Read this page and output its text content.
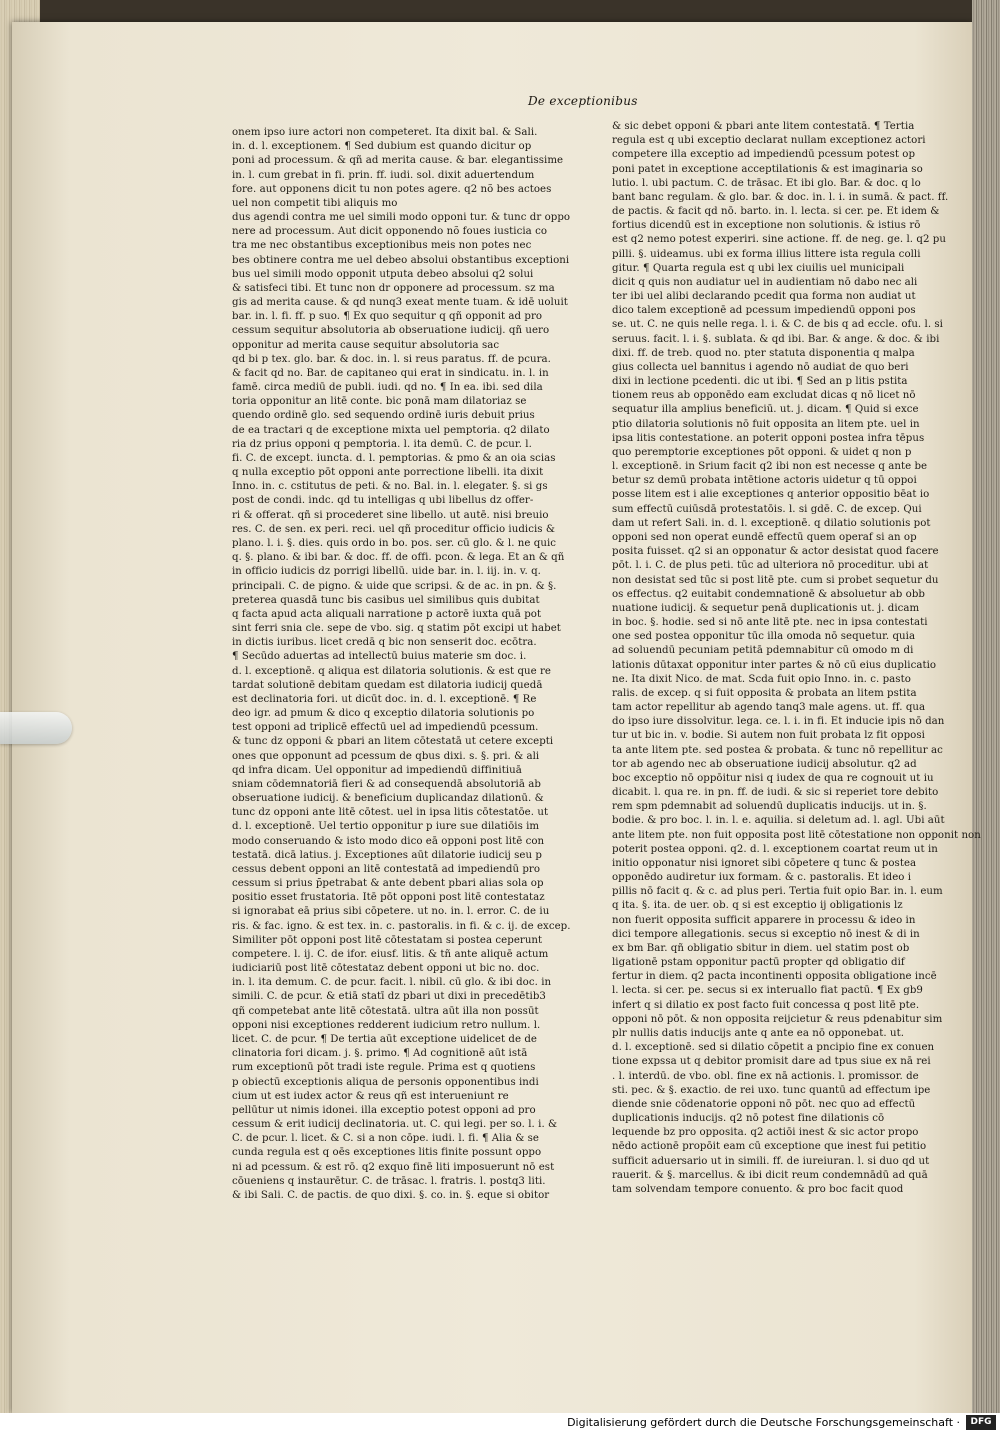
De exceptionibus
onem ipso iure actori non competeret. Ita dixit bal. & Sali.
in. d. l. exceptionem. ¶ Sed dubium est quando dicitur op
poni ad processum. & qñ ad merita cause. & bar. elegantissime
in. l. cum grebat in fi. prin. ff. iudi. sol. dixit aduertendum
fore. aut opponens dicit tu non potes agere. q2 nõ bes actoes
uel non competit tibi aliquis mo
dus agendi contra me uel simili modo opponi tur. & tunc dr oppo
nere ad processum. Aut dicit opponendo nõ foues iusticia co
tra me nec obstantibus exceptionibus meis non potes nec
bes obtinere contra me uel debeo absolui obstantibus exceptioni
bus uel simili modo opponit utputa debeo absolui q2 solui
& satisfeci tibi. Et tunc non dr opponere ad processum. sz ma
gis ad merita cause. & qd nunq3 exeat mente tuam. & idē uoluit
bar. in. l. fi. ff. p suo. ¶ Ex quo sequitur q qñ opponit ad pro
cessum sequitur absolutoria ab obseruatione iudicij. qñ uero
opponitur ad merita cause sequitur absolutoria sac
qd bi p tex. glo. bar. & doc. in. l. si reus paratus. ff. de pcura.
& facit qd no. Bar. de capitaneo qui erat in sindicatu. in. l. in
famē. circa mediū de publi. iudi. qd no. ¶ In ea. ibi. sed dila
toria opponitur an litē conte. bic ponā mam dilatoriaz se
quendo ordinē glo. sed sequendo ordinē iuris debuit prius
de ea tractari q de exceptione mixta uel pemptoria. q2 dilato
ria dz prius opponi q pemptoria. l. ita demū. C. de pcur. l.
fi. C. de except. iuncta. d. l. pemptorias. & pmo & an oia scias
q nulla exceptio pōt opponi ante porrectione libelli. ita dixit
Inno. in. c. cstitutus de peti. & no. Bal. in. l. elegater. §. si gs
post de condi. indc. qd tu intelligas q ubi libellus dz offer-
ri & offerat. qñ si procederet sine libello. ut autē. nisi breuio
res. C. de sen. ex peri. reci. uel qñ proceditur officio iudicis &
plano. l. i. §. dies. quis ordo in bo. pos. ser. cū glo. & l. ne quic
q. §. plano. & ibi bar. & doc. ff. de offi. pcon. & lega. Et an & qñ
in officio iudicis dz porrigi libellū. uide bar. in. l. iij. in. v. q.
principali. C. de pigno. & uide que scripsi. & de ac. in pn. & §.
preterea quasdā tunc bis casibus uel similibus quis dubitat
q facta apud acta aliquali narratione p actorē iuxta quā pot
sint ferri snia cle. sepe de vbo. sig. q statim pōt excipi ut habet
in dictis iuribus. licet credā q bic non senserit doc. ecōtra.
¶ Secūdo aduertas ad intellectū buius materie sm doc. i.
d. l. exceptionē. q aliqua est dilatoria solutionis. & est que re
tardat solutionē debitam quedam est dilatoria iudicij quedā
est declinatoria fori. ut dicūt doc. in. d. l. exceptionē. ¶ Re
deo igr. ad pmum & dico q exceptio dilatoria solutionis po
test opponi ad triplicē effectū uel ad impediendū pcessum.
& tunc dz opponi & pbari an litem cōtestatā ut cetere excepti
ones que opponunt ad pcessum de qbus dixi. s. §. pri. & ali
qd infra dicam. Uel opponitur ad impediendū diffinitiuā
sniam cōdemnatoriā fieri & ad consequendā absolutoriā ab
obseruatione iudicij. & beneficium duplicandaz dilationū. &
tunc dz opponi ante litē cōtest. uel in ipsa litis cōtestatōe. ut
d. l. exceptionē. Uel tertio opponitur p iure sue dilatiōis im
modo conseruando & isto modo dico eā opponi post litē con
testatā. dicā latius. j. Exceptiones aūt dilatorie iudicij seu p
cessus debent opponi an litē contestatā ad impediendū pro
cessum si prius p̄petrabat & ante debent pbari alias sola op
positio esset frustatoria. Itē pōt opponi post litē contestataz
si ignorabat eā prius sibi cōpetere. ut no. in. l. error. C. de iu
ris. & fac. igno. & est tex. in. c. pastoralis. in fi. & c. ij. de excep.
Similiter pōt opponi post litē cōtestatam si postea ceperunt
competere. l. ij. C. de ifor. eiusf. litis. & tñ ante aliquē actum
iudiciariū post litē cōtestataz debent opponi ut bic no. doc.
in. l. ita demum. C. de pcur. facit. l. nibil. cū glo. & ibi doc. in
simili. C. de pcur. & etiā statī dz pbari ut dixi in precedētib3
qñ competebat ante litē cōtestatā. ultra aūt illa non possūt
opponi nisi exceptiones redderent iudicium retro nullum. l.
licet. C. de pcur. ¶ De tertia aūt exceptione uidelicet de de
clinatoria fori dicam. j. §. primo. ¶ Ad cognitionē aūt istā
rum exceptionū pōt tradi iste regule. Prima est q quotiens
p obiectū exceptionis aliqua de personis opponentibus indi
cium ut est iudex actor & reus qñ est interueniunt re
pellūtur ut nimis idonei. illa exceptio potest opponi ad pro
cessum & erit iudicij declinatoria. ut. C. qui legi. per so. l. i. &
C. de pcur. l. licet. & C. si a non cōpe. iudi. l. fi. ¶ Alia & se
cunda regula est q oēs exceptiones litis finite possunt oppo
ni ad pcessum. & est rō. q2 exquo finē liti imposuerunt nō est
cōueniens q instaurētur. C. de trāsac. l. fratris. l. postq3 liti.
& ibi Sali. C. de pactis. de quo dixi. §. co. in. §. eque si obitor
& sic debet opponi & pbari ante litem contestatā. ¶ Tertia
regula est q ubi exceptio declarat nullam exceptionez actori
competere illa exceptio ad impediendū pcessum potest op
poni patet in exceptione acceptilationis & est imaginaria so
lutio. l. ubi pactum. C. de trāsac. Et ibi glo. Bar. & doc. q lo
bant banc regulam. & glo. bar. & doc. in. l. i. in sumā. & pact. ff.
de pactis. & facit qd nō. barto. in. l. lecta. si cer. pe. Et idem &
fortius dicendū est in exceptione non solutionis. & istius rō
est q2 nemo potest experiri. sine actione. ff. de neg. ge. l. q2 pu
pilli. §. uideamus. ubi ex forma illius littere ista regula colli
gitur. ¶ Quarta regula est q ubi lex ciuilis uel municipali
dicit q quis non audiatur uel in audientiam nō dabo nec ali
ter ibi uel alibi declarando pcedit qua forma non audiat ut
dico talem exceptionē ad pcessum impediendū opponi pos
se. ut. C. ne quis nelle rega. l. i. & C. de bis q ad eccle. ofu. l. si
seruus. facit. l. i. §. sublata. & qd ibi. Bar. & ange. & doc. & ibi
dixi. ff. de treb. quod no. pter statuta disponentia q malpa
gius collecta uel bannitus i agendo nō audiat de quo beri
dixi in lectione pcedenti. dic ut ibi. ¶ Sed an p litis pstita
tionem reus ab opponēdo eam excludat dicas q nō licet nō
sequatur illa amplius beneficiū. ut. j. dicam. ¶ Quid si exce
ptio dilatoria solutionis nō fuit opposita an litem pte. uel in
ipsa litis contestatione. an poterit opponi postea infra tēpus
quo peremptorie exceptiones pōt opponi. & uidet q non p
l. exceptionē. in Srium facit q2 ibi non est necesse q ante be
betur sz demū probata intētione actoris uidetur q tū oppoi
posse litem est i alie exceptiones q anterior oppositio bēat io
sum effectū cuiūsdā protestatōis. l. si gdē. C. de excep. Qui
dam ut refert Sali. in. d. l. exceptionē. q dilatio solutionis pot
opponi sed non operat eundē effectū quem operaf si an op
posita fuisset. q2 si an opponatur & actor desistat quod facere
pōt. l. i. C. de plus peti. tūc ad ulteriora nō proceditur. ubi at
non desistat sed tūc si post litē pte. cum si probet sequetur du
os effectus. q2 euitabit condemnationē & absoluetur ab obb
nuatione iudicij. & sequetur penā duplicationis ut. j. dicam
in boc. §. hodie. sed si nō ante litē pte. nec in ipsa contestati
one sed postea opponitur tūc illa omoda nō sequetur. quia
ad soluendū pecuniam petitā pdemnabitur cū omodo m di
lationis dūtaxat opponitur inter partes & nō cū eius duplicatio
ne. Ita dixit Nico. de mat. Scda fuit opio Inno. in. c. pasto
ralis. de excep. q si fuit opposita & probata an litem pstita
tam actor repellitur ab agendo tanq3 male agens. ut. ff. qua
do ipso iure dissolvitur. lega. ce. l. i. in fi. Et inducie ipis nō dan
tur ut bic in. v. bodie. Si autem non fuit probata lz fit opposi
ta ante litem pte. sed postea & probata. & tunc nō repellitur ac
tor ab agendo nec ab obseruatione iudicij absolutur. q2 ad
boc exceptio nō oppōitur nisi q iudex de qua re cognouit ut iu
dicabit. l. qua re. in pn. ff. de iudi. & sic si reperiet tore debito
rem spm pdemnabit ad soluendū duplicatis inducijs. ut in. §.
bodie. & pro boc. l. in. l. e. aquilia. si deletum ad. l. agl. Ubi aūt
ante litem pte. non fuit opposita post litē cōtestatione non opponit non
poterit postea opponi. q2. d. l. exceptionem coartat reum ut in
initio opponatur nisi ignoret sibi cōpetere q tunc & postea
opponēdo audiretur iux formam. & c. pastoralis. Et ideo i
pillis nō facit q. & c. ad plus peri. Tertia fuit opio Bar. in. l. eum
q ita. §. ita. de uer. ob. q si est exceptio ij obligationis lz
non fuerit opposita sufficit apparere in processu & ideo in
dici tempore allegationis. secus si exceptio nō inest & di in
ex bm Bar. qñ obligatio sbitur in diem. uel statim post ob
ligationē pstam opponitur pactū propter qd obligatio dif
fertur in diem. q2 pacta incontinenti opposita obligatione incē
l. lecta. si cer. pe. secus si ex interuallo fiat pactū. ¶ Ex gb9
infert q si dilatio ex post facto fuit concessa q post litē pte.
opponi nō pōt. & non opposita reijcietur & reus pdenabitur sim
plr nullis datis inducijs ante q ante ea nō opponebat. ut.
d. l. exceptionē. sed si dilatio cōpetit a pncipio fine ex conuen
tione expssa ut q debitor promisit dare ad tpus siue ex nā rei
. l. interdū. de vbo. obl. fine ex nā actionis. l. promissor. de
sti. pec. & §. exactio. de rei uxo. tunc quantū ad effectum ipe
diende snie cōdenatorie opponi nō pōt. nec quo ad effectū
duplicationis inducijs. q2 nō potest fine dilationis cō
lequende bz pro opposita. q2 actiōi inest & sic actor propo
nēdo actionē propōit eam cū exceptione que inest fui petitio
sufficit aduersario ut in simili. ff. de iureiuran. l. si duo qd ut
rauerit. & §. marcellus. & ibi dicit reum condemnādū ad quā
tam solvendam tempore conuento. & pro boc facit quod
Digitalisierung gefördert durch die Deutsche Forschungsgemeinschaft ·	DFG
